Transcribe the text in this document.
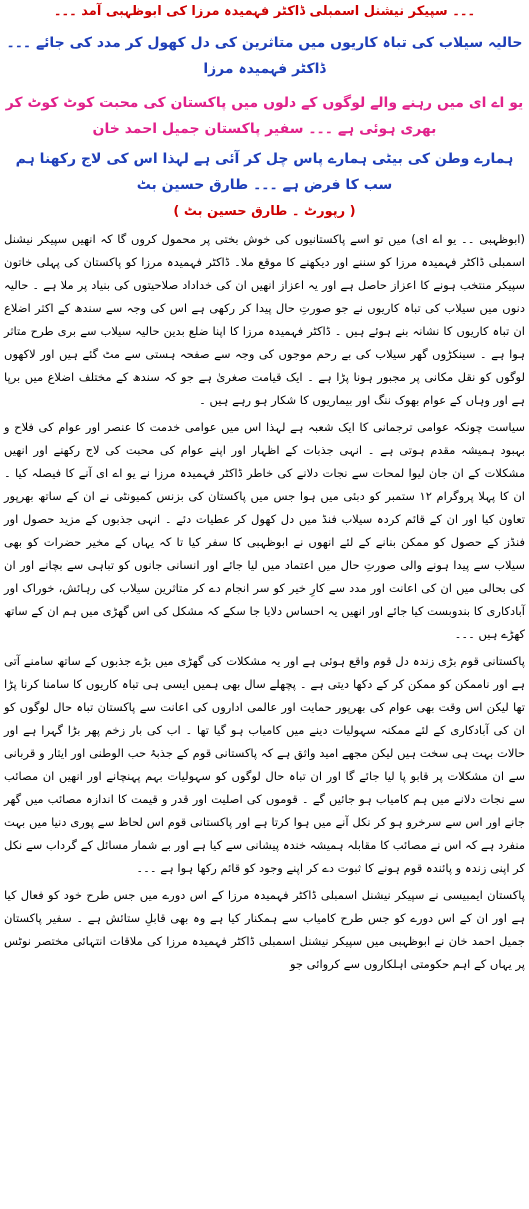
۔۔۔ سپیکر نیشنل اسمبلی ڈاکٹر فہمیدہ مرزا کی ابوظہبی آمد ۔۔۔

حالیہ سیلاب کی تباہ کاریوں میں متاثرین کی دل کھول کر مدد کی جائے ۔۔۔ ڈاکٹر فہمیدہ مرزا

یو اے ای میں رہنے والے لوگوں کے دلوں میں پاکستان کی محبت کوٹ کوٹ کر بھری ہوئی ہے ۔۔۔ سفیر پاکستان جمیل احمد خان

ہمارے وطن کی بیٹی ہمارے پاس چل کر آئی ہے لہذا اس کی لاج رکھنا ہم سب کا فرض ہے ۔۔۔ طارق حسین بٹ

( رپورٹ ۔ طارق حسین بٹ )

(ابوظہبی ۔۔ یو اے ای) میں تو اسے پاکستانیوں کی خوش بختی پر محمول کروں گا کہ انھیں سپیکر نیشنل اسمبلی ڈاکٹر فہمیدہ مرزا کو سننے اور دیکھنے کا موقع ملا۔ ڈاکٹر فہمیدہ مرزا کو پاکستان کی پہلی خاتون سپیکر منتخب ہونے کا اعزاز حاصل ہے اور یہ اعزاز انھیں ان کی خداداد صلاحیتوں کی بنیاد پر ملا ہے ۔ حالیہ دنوں میں سیلاب کی تباہ کاریوں نے جو صورتِ حال پیدا کر رکھی ہے اس کی وجہ سے سندھ کے اکثر اضلاع ان تباہ کاریوں کا نشانہ بنے ہوئے ہیں ۔ ڈاکٹر فہمیدہ مرزا کا اپنا ضلع بدین حالیہ سیلاب سے بری طرح متاثر ہوا ہے ۔ سینکڑوں گھر سیلاب کی بے رحم موجوں کی وجہ سے صفحہ ہستی سے مٹ گئے ہیں اور لاکھوں لوگوں کو نقل مکانی پر مجبور ہونا پڑا ہے ۔ ایک قیامت صغریٰ ہے جو کہ سندھ کے مختلف اضلاع میں برپا ہے اور وہاں کے عوام بھوک ننگ اور بیماریوں کا شکار ہو رہے ہیں ۔

سیاست چونکہ عوامی ترجمانی کا ایک شعبہ ہے لہذا اس میں عوامی خدمت کا عنصر اور عوام کی فلاح و بہبود ہمیشہ مقدم ہوتی ہے ۔ انہی جذبات کے اظہار اور اپنے عوام کی محبت کی لاج رکھنے اور انھیں مشکلات کے ان جان لیوا لمحات سے نجات دلانے کی خاطر ڈاکٹر فہمیدہ مرزا نے یو اے ای آنے کا فیصلہ کیا ۔ ان کا پہلا پروگرام ۱۲ ستمبر کو دبئی میں ہوا جس میں پاکستان کی بزنس کمیونٹی نے ان کے ساتھ بھرپور تعاون کیا اور ان کے قائم کردہ سیلاب فنڈ میں دل کھول کر عطیات دئے ۔ انہی جذبوں کے مزید حصول اور فنڈز کے حصول کو ممکن بنانے کے لئے انھوں نے ابوظہبی کا سفر کیا تا کہ یہاں کے مخیر حضرات کو بھی سیلاب سے پیدا ہونے والی صورتِ حال میں اعتماد میں لیا جائے اور انسانی جانوں کو تباہی سے بچانے اور ان کی بحالی میں ان کی اعانت اور مدد سے کارِ خیر کو سر انجام دے کر متاثرین سیلاب کی رہائش، خوراک اور آبادکاری کا بندوبست کیا جائے اور انھیں یہ احساس دلایا جا سکے کہ مشکل کی اس گھڑی میں ہم ان کے ساتھ کھڑے ہیں ۔۔۔

پاکستانی قوم بڑی زندہ دل قوم واقع ہوئی ہے اور یہ مشکلات کی گھڑی میں بڑے جذبوں کے ساتھ سامنے آتی ہے اور ناممکن کو ممکن کر کے دکھا دیتی ہے ۔ پچھلے سال بھی ہمیں ایسی ہی تباہ کاریوں کا سامنا کرنا پڑا تھا لیکن اس وقت بھی عوام کی بھرپور حمایت اور عالمی اداروں کی اعانت سے پاکستان تباہ حال لوگوں کو ان کی آبادکاری کے لئے ممکنہ سہولیات دینے میں کامیاب ہو گیا تھا ۔ اب کی بار زخم پھر بڑا گہرا ہے اور حالات بہت ہی سخت ہیں لیکن مجھے امید واثق ہے کہ پاکستانی قوم کے جذبۂ حب الوطنی اور ایثار و قربانی سے ان مشکلات پر قابو پا لیا جائے گا اور ان تباہ حال لوگوں کو سہولیات بہم پہنچانے اور انھیں ان مصائب سے نجات دلانے میں ہم کامیاب ہو جائیں گے ۔ قوموں کی اصلیت اور قدر و قیمت کا اندازہ مصائب میں گھر جانے اور اس سے سرخرو ہو کر نکل آنے میں ہوا کرتا ہے اور پاکستانی قوم اس لحاظ سے پوری دنیا میں بہت منفرد ہے کہ اس نے مصائب کا مقابلہ ہمیشہ خندہ پیشانی سے کیا ہے اور بے شمار مسائل کے گرداب سے نکل کر اپنی زندہ و پائندہ قوم ہونے کا ثبوت دے کر اپنے وجود کو قائم رکھا ہوا ہے ۔۔۔

پاکستان ایمبیسی نے سپیکر نیشنل اسمبلی ڈاکٹر فہمیدہ مرزا کے اس دورے میں جس طرح خود کو فعال کیا ہے اور ان کے اس دورے کو جس طرح کامیاب سے ہمکنار کیا ہے وہ بھی قابلِ ستائش ہے ۔ سفیر پاکستان جمیل احمد خان نے ابوظہبی میں سپیکر نیشنل اسمبلی ڈاکٹر فہمیدہ مرزا کی ملاقات انتہائی مختصر نوٹس پر یہاں کے اہم حکومتی اہلکاروں سے کروائی جو
